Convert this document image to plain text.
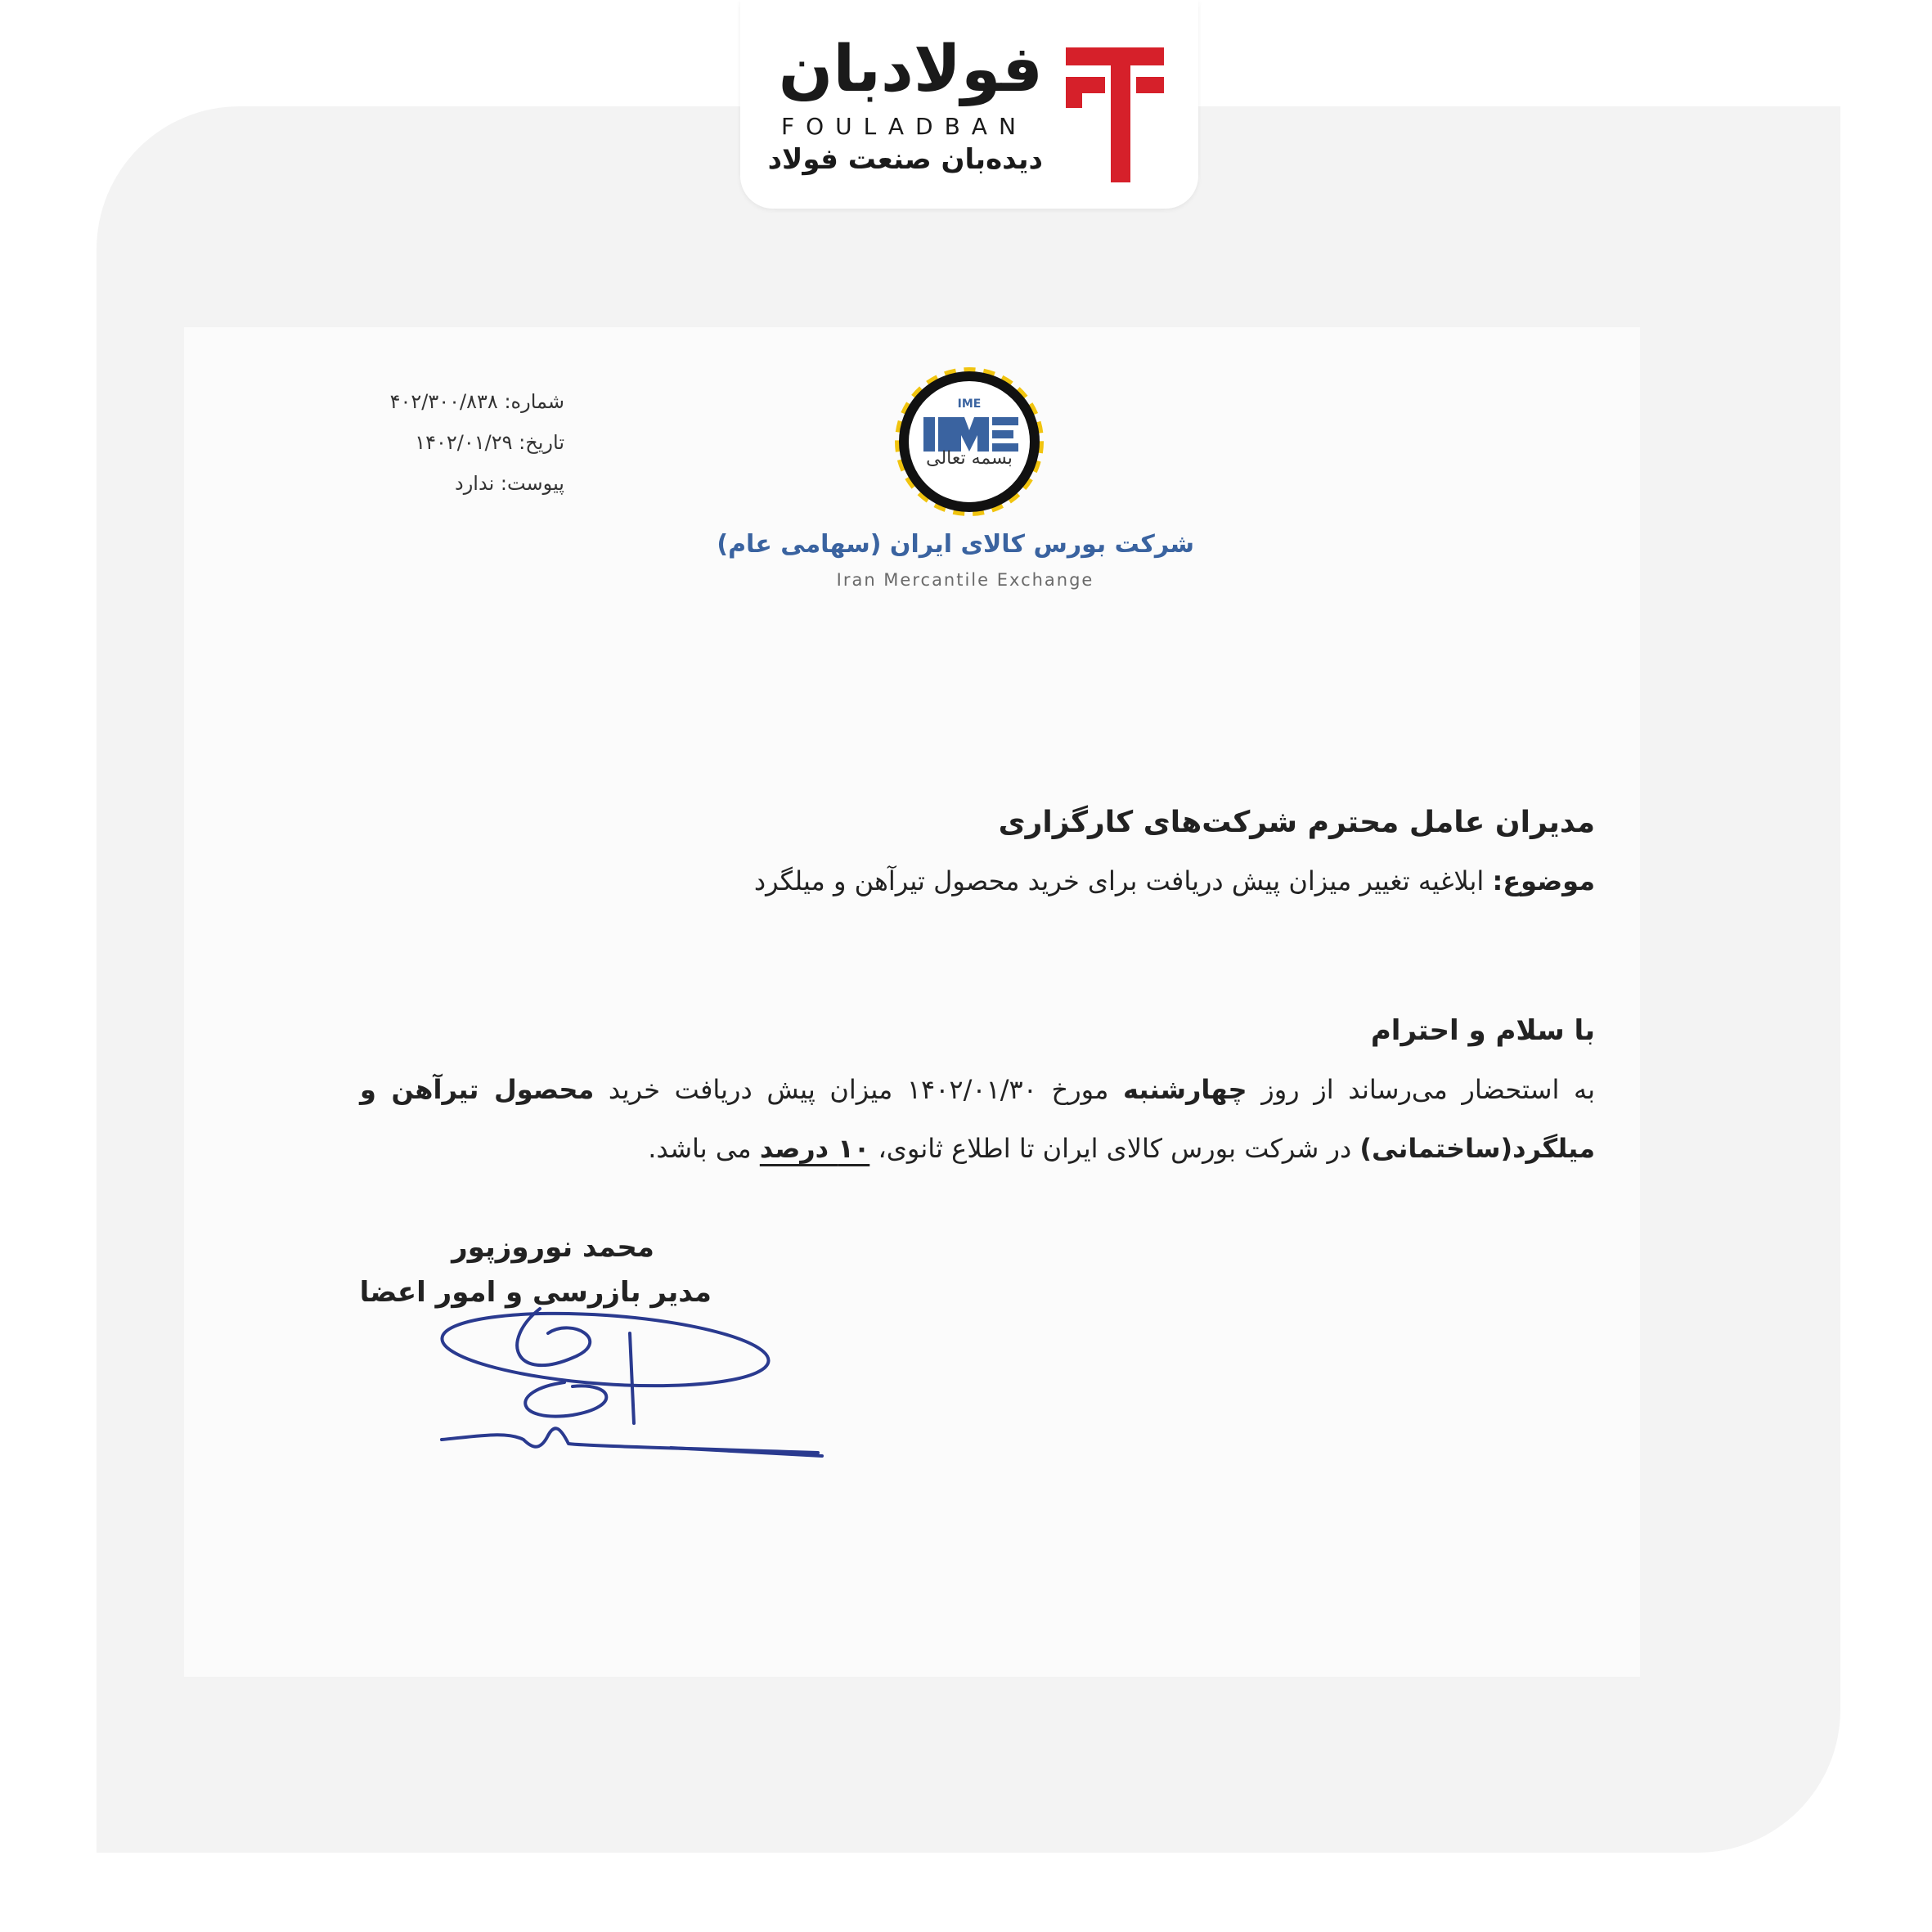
فولادبان
FOULADBAN
دیده‌بان صنعت فولاد
IME
بسمه تعالی
شرکت بورس کالای ایران (سهامی عام)
Iran Mercantile Exchange
شماره: ۴۰۲/۳۰۰/۸۳۸
تاریخ: ۱۴۰۲/۰۱/۲۹
پیوست: ندارد
مدیران عامل محترم شرکت‌های کارگزاری
موضوع: ابلاغیه تغییر میزان پیش دریافت برای خرید محصول تیرآهن و میلگرد
با سلام و احترام
به استحضار می‌رساند از روز چهارشنبه مورخ ۱۴۰۲/۰۱/۳۰ میزان پیش دریافت خرید محصول تیرآهن و
میلگرد(ساختمانی) در شرکت بورس کالای ایران تا اطلاع ثانوی، ۱۰ درصد می باشد.
محمد نوروزپور
مدیر بازرسی و امور اعضا
